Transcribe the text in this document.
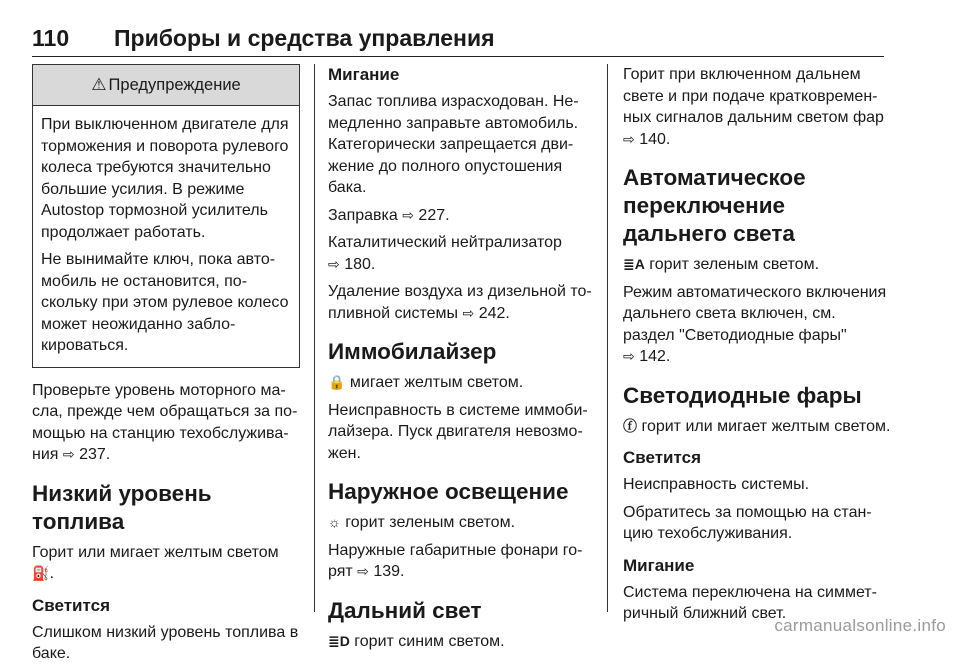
110	Приборы и средства управления
⚠ Предупреждение

При выключенном двигателе для торможения и поворота рулевого колеса требуются значительно большие усилия. В режиме Autostop тормозной усилитель продолжает работать.

Не вынимайте ключ, пока автомобиль не остановится, поскольку при этом рулевое колесо может неожиданно заблокироваться.

Проверьте уровень моторного масла, прежде чем обращаться за помощью на станцию техобслуживания ⇨ 237.

Низкий уровень топлива

Горит или мигает желтым светом ⛽.

Светится

Слишком низкий уровень топлива в баке.

Мигание

Запас топлива израсходован. Немедленно заправьте автомобиль. Категорически запрещается движение до полного опустошения бака.

Заправка ⇨ 227.

Каталитический нейтрализатор
⇨ 180.

Удаление воздуха из дизельной топливной системы ⇨ 242.

Иммобилайзер

🔒 мигает желтым светом.

Неисправность в системе иммобилайзера. Пуск двигателя невозможен.

Наружное освещение

☼ горит зеленым светом.

Наружные габаритные фонари горят ⇨ 139.

Дальний свет

≣D горит синим светом.

Горит при включенном дальнем свете и при подаче кратковременных сигналов дальним светом фар
⇨ 140.

Автоматическое переключение дальнего света

≣A горит зеленым светом.

Режим автоматического включения дальнего света включен, см. раздел "Светодиодные фары"
⇨ 142.

Светодиодные фары

ⓕ горит или мигает желтым светом.

Светится

Неисправность системы.

Обратитесь за помощью на станцию техобслуживания.

Мигание

Система переключена на симметричный ближний свет.

carmanualsonline.info
